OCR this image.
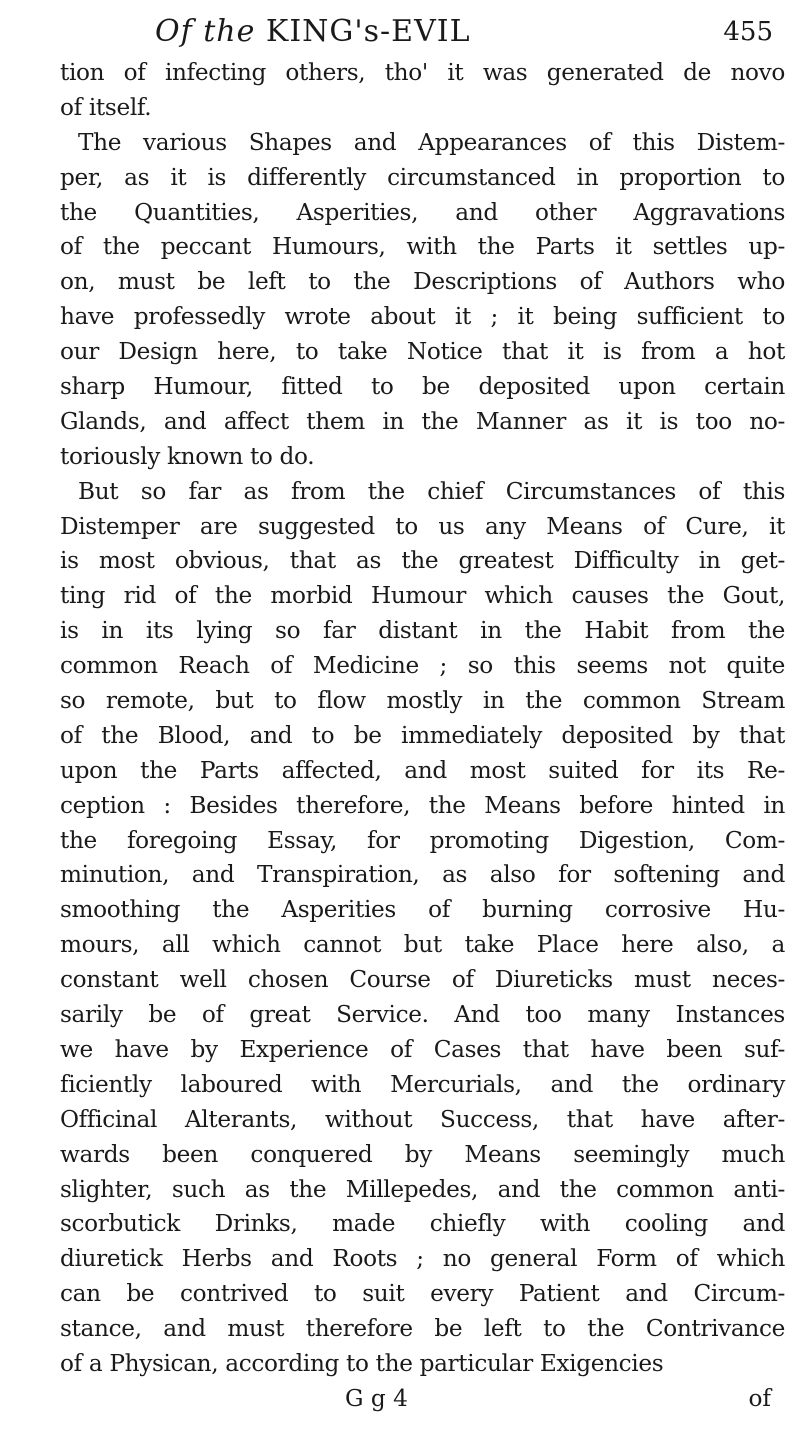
Of the KING's-EVIL	455
tion of infecting others, tho' it was generated de novo
of itself.
The various Shapes and Appearances of this Distem-
per, as it is differently circumstanced in proportion to
the Quantities, Asperities, and other Aggravations
of the peccant Humours, with the Parts it settles up-
on, must be left to the Descriptions of Authors who
have professedly wrote about it ; it being sufficient to
our Design here, to take Notice that it is from a hot
sharp Humour, fitted to be deposited upon certain
Glands, and affect them in the Manner as it is too no-
toriously known to do.
But so far as from the chief Circumstances of this
Distemper are suggested to us any Means of Cure, it
is most obvious, that as the greatest Difficulty in get-
ting rid of the morbid Humour which causes the Gout,
is in its lying so far distant in the Habit from the
common Reach of Medicine ; so this seems not quite
so remote, but to flow mostly in the common Stream
of the Blood, and to be immediately deposited by that
upon the Parts affected, and most suited for its Re-
ception : Besides therefore, the Means before hinted in
the foregoing Essay, for promoting Digestion, Com-
minution, and Transpiration, as also for softening and
smoothing the Asperities of burning corrosive Hu-
mours, all which cannot but take Place here also, a
constant well chosen Course of Diureticks must neces-
sarily be of great Service. And too many Instances
we have by Experience of Cases that have been suf-
ficiently laboured with Mercurials, and the ordinary
Officinal Alterants, without Success, that have after-
wards been conquered by Means seemingly much
slighter, such as the Millepedes, and the common anti-
scorbutick Drinks, made chiefly with cooling and
diuretick Herbs and Roots ; no general Form of which
can be contrived to suit every Patient and Circum-
stance, and must therefore be left to the Contrivance
of a Physican, according to the particular Exigencies
G g 4	of
